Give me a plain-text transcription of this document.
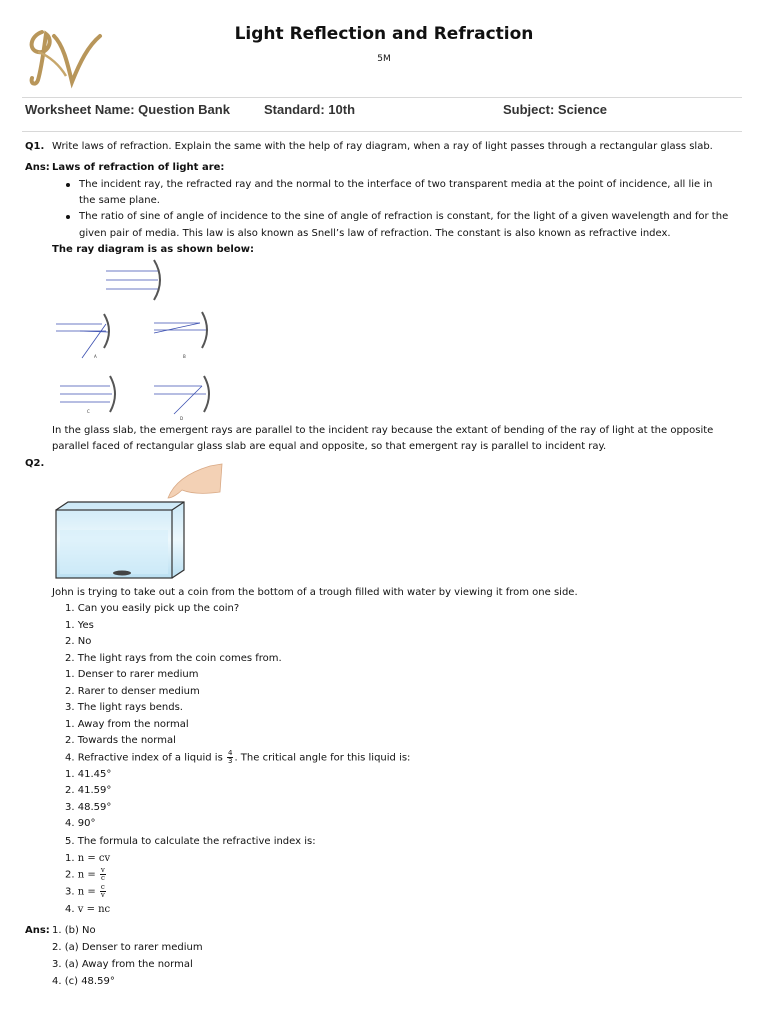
Light Reflection and Refraction
5M
Worksheet Name: Question Bank	Standard: 10th	Subject: Science
Q1. Write laws of refraction. Explain the same with the help of ray diagram, when a ray of light passes through a rectangular glass slab.
Ans: Laws of refraction of light are:
The incident ray, the refracted ray and the normal to the interface of two transparent media at the point of incidence, all lie in
the same plane.
The ratio of sine of angle of incidence to the sine of angle of refraction is constant, for the light of a given wavelength and for the
given pair of media. This law is also known as Snell’s law of refraction. The constant is also known as refractive index.
The ray diagram is as shown below:
A	B
C
D
In the glass slab, the emergent rays are parallel to the incident ray because the extant of bending of the ray of light at the opposite
parallel faced of rectangular glass slab are equal and opposite, so that emergent ray is parallel to incident ray.
Q2.
John is trying to take out a coin from the bottom of a trough filled with water by viewing it from one side.
1. Can you easily pick up the coin?
1. Yes
2. No
2. The light rays from the coin comes from.
1. Denser to rarer medium
2. Rarer to denser medium
3. The light rays bends.
1. Away from the normal
2. Towards the normal
4. Refractive index of a liquid is $\frac{4}{3}$ . The critical angle for this liquid is:
1. 41.45°
2. 41.59°
3. 48.59°
4. 90°
5. The formula to calculate the refractive index is:
1. n = cv
2. $n = \frac{v}{c}$
3. $n = \frac{c}{v}$
4. v = nc
Ans: 1. (b) No
2. (a) Denser to rarer medium
3. (a) Away from the normal
4. (c) 48.59°
